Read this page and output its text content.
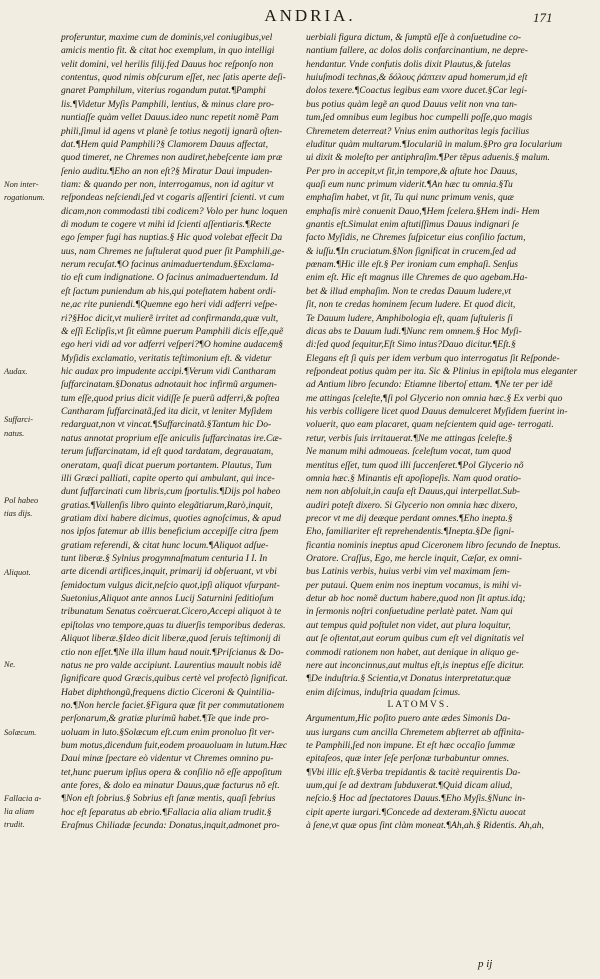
ANDRIA.	171
proferuntur, maxime cum de dominis,vel coniugibus,vel
amicis mentio fit. & citat hoc exemplum, in quo intelligi
velit domini, vel herilis filij.fed Dauus hoc reſponſo non
contentus, quod nimis obſcurum eſſet, nec ſatis aperte deſi-
gnaret Pamphilum, viterius rogandum putat.¶Pamphi
lis.¶Videtur Myſis Pamphili, lentius, & minus clare pro-
nuntiaſſe quàm vellet Dauus.ideo nunc repetit nomẽ Pam
phili,ſimul id agens vt planè ſe totius negotij ignarũ oſten-
dat.¶Hem quid Pamphili?§ Clamorem Dauus affectat,
quod timeret, ne Chremes non audiret,hebeſcente iam præ
ſenio auditu.¶Eho an non eſt?§ Miratur Daui impuden-
tiam: & quando per non, interrogamus, non id agitur vt
reſpondeas neſciendi,ſed vt cogaris aſſentiri ſcienti. vt cum
dicam,non commodasti tibi codicem? Volo per hunc loquen
di modum te cogere vt mihi id ſcienti aſſentiaris.¶Recte
ego ſemper fugi has nuptias.§ Hic quod volebat effecit Da
uus, nam Chremes ne ſuſtulerat quod puer ſit Pamphili,ge-
nerum recuſat.¶O facinus animaduertendum.§Exclama-
tio eſt cum indignatione. O facinus animaduertendum. Id
eſt ſactum puniendum ab his,qui poteſtatem habent ordi-
ne,ac rite puniendi.¶Quemne ego heri vidi adferri veſpe-
ri?§Hoc dicit,vt mulierẽ irritet ad confirmanda,quæ vult,
& eſſi Eclipſis,vt ſit eũmne puerum Pamphili dicis eſſe,quẽ
ego heri vidi ad vor adferri veſperi?¶O homine audacem§
Myſidis exclamatio, veritatis teſtimonium eſt. & videtur
hic audax pro impudente accipi.¶Verum vidi Cantharam
ſuffarcinatam.§Donatus adnotauit hoc infirmũ argumen-
tum eſſe,quod prius dicit vidiſſe ſe puerũ adferri,& poſtea
Cantharam ſuffarcinatã,ſed ita dicit, vt leniter Myſidem
redarguat,non vt vincat.¶Suffarcinatã.§Tantum hic Do-
natus annotat proprium eſſe aniculis ſuffarcinatas ire.Cæ-
terum ſuffarcinatam, id eſt quod tardatam, degrauatam,
oneratam, quaſi dicat puerum portantem. Plautus, Tum
illi Græci palliati, capite operto qui ambulant, qui ince-
dunt ſuffarcinati cum libris,cum ſportulis.¶Dijs pol habeo
gratias.¶Vallenſis libro quinto elegãtiarum,Rarò,inquit,
gratiam dixi habere dicimus, quoties agnoſcimus, & apud
nos ipſos fatemur ab illis beneficium accepiſſe citra ſpem
gratiam referendi, & citat hunc locum.¶Aliquot adſue-
tunt liberæ.§ Sylnius progymnaſmatum centuria I I. In
arte dicendi artifices,inquit, primarij id obſeruant, vt vbi
ſemidoctum vulgus dicit,neſcio quot,ipſi aliquot vſurpant-
Suetonius,Aliquot ante annos Lucij Saturnini ſeditioſum
tribunatum Senatus coërcuerat.Cicero,Accepi aliquot à te
epiſtolas vno tempore,quas tu diuerſis temporibus dederas.
Aliquot liberæ.§Ideo dicit liberæ,quod ſeruis teſtimonij di
ctio non eſſet.¶Ne illa illum haud nouit.¶Priſcianus & Do-
natus ne pro valde accipiunt. Laurentius mauult nobis idẽ
ſignificare quod Græcis,quibus certè vel profectò ſignificat.
Habet diphthongũ,frequens dictio Ciceroni & Quintilia-
no.¶Non hercle faciet.§Figura quæ fit per commutationem
perſonarum,& gratiæ plurimũ habet.¶Te que inde pro-
uoluam in luto.§Solæcum eſt.cum enim pronoluo fit ver-
bum motus,dicendum fuit,eodem proauoluam in lutum.Hæc
Daui minæ ſpectare eò videntur vt Chremes omnino pu-
tet,hunc puerum ipſius opera & conſilio nõ eſſe appoſitum
ante fores, & dolo ea minatur Dauus,quæ facturus nõ eſt.
¶Non eſt ſobrius.§ Sobrius eſt ſanæ mentis, quaſi febrius
hoc eſt ſeparatus ab ebrio.¶Fallacia alia aliam trudit.§
Eraſmus Chiliadæ ſecunda: Donatus,inquit,admonet pro-
uerbiali figura dictum, & ſumptũ eſſe à conſuetudine co-
nantium fallere, ac dolos dolis confarcinantium, ne depre-
hendantur. Vnde confutis dolis dixit Plautus,& ſutelas
huiuſmodi technas,& δόλους ῥάπτειν apud homerum,id eſt
dolos texere.¶Coactus legibus eam vxore ducet.§Car legi-
bus potius quàm legẽ an quod Dauus velit non vna tan-
tum,ſed omnibus eum legibus hoc cumpelli poſſe,quo magis
Chremetem deterreat? Vnius enim authoritas legis facilius
eluditur quàm multarum.¶Ioculariũ in malum.§Pro gra Iocularium
ui dixit & moleſto per antiphraſim.¶Per tẽpus aduenis.§ malum.
Per pro in accepit,vt ſit,in tempore,& aſtute hoc Dauus,
quaſi eum nunc primum viderit.¶An hæc tu omnia.§Tu
emphaſim habet, vt ſit, Tu qui nunc primum venis, quæ
emphaſis mirè conuenit Dauo,¶Hem ſcelera.§Hem indi- Hem
gnantis eſt.Simulat enim aſtutiſſimus Dauus indignari ſe
facto Myſidis, ne Chremes ſuſpicetur eius conſilio factum,
& iuſſu.¶In cruciatum.§Non ſignificat in crucem,ſed ad
pœnam.¶Hic ille eſt.§ Per ironiam cum emphaſi. Senſus
enim eſt. Hic eſt magnus ille Chremes de quo agebam.Ha-
bet & illud emphaſim. Non te credas Dauum ludere,vt
ſit, non te credas hominem ſecum ludere. Et quod dicit,
Te Dauum ludere, Amphibologia eſt, quam ſuſtuleris ſi
dicas abs te Dauum ludi.¶Nunc rem omnem.§ Hoc Myſi-
di:ſed quod ſequitur,Eſt Simo intus?Dauo dicitur.¶Eſt.§
Elegans eſt ſi quis per idem verbum quo interrogatus ſit Reſponde-
reſpondeat potius quàm per ita. Sic & Plinius in epiſtola mus eleganter
ad Antium libro ſecundo: Etiamne libertoſ ettam. ¶Ne ter per idẽ
me attingas ſceleſte,¶ſi pol Glycerio non omnia hæc.§ Ex verbi quo
his verbis colligere licet quod Dauus demulceret Myſidem fuerint in-
voluerit, quo eam placaret, quam neſcientem quid age- terrogati.
retur, verbis ſuis irritauerat.¶Ne me attingas ſceleſte.§
Ne manum mihi admoueas. ſceleſtum vocat, tum quod
mentitus eſſet, tum quod illi ſuccenſeret.¶Pol Glycerio nõ
omnia hæc.§ Minantis eſt apoſiopeſis. Nam quod oratio-
nem non abſoluit,in cauſa eſt Dauus,qui interpellat.Sub-
audiri poteſt dixero. Si Glycerio non omnia hæc dixero,
precor vt me dij deæque perdant omnes.¶Eho inepta.§
Eho, familiariter eſt reprehendentis.¶Inepta.§De ſigni-
ficantia nominis ineptus apud Ciceronem libro ſecundo de Ineptus.
Oratore. Craſſus, Ego, me hercle inquit, Cæſar, ex omni-
bus Latinis verbis, huius verbi vim vel maximam ſem-
per putaui. Quem enim nos ineptum vocamus, is mihi vi-
detur ab hoc nomẽ ductum habere,quod non ſit aptus.idq;
in ſermonis noſtri conſuetudine perlatè patet. Nam qui
aut tempus quid poſtulet non videt, aut plura loquitur,
aut ſe oſtentat,aut eorum quibus cum eſt vel dignitatis vel
commodi rationem non habet, aut denique in aliquo ge-
nere aut inconcinnus,aut multus eſt,is ineptus eſſe dicitur.
¶De induſtria.§ Scientia,vt Donatus interpretatur.quæ
enim diſcimus, induſtria quadam ſcimus.
LATOMVS.
Argumentum,Hic poſito puero ante ædes Simonis Da-
uus iurgans cum ancilla Chremetem abſterret ab affinita-
te Pamphili,ſed non impune. Et eſt hæc occaſio ſummæ
epitaſeos, quæ inter ſeſe perſonæ turbabuntur omnes.
¶Vbi illic eſt.§Verba trepidantis & tacitè requirentis Da-
uum,qui ſe ad dextram ſubduxerat.¶Quid dicam aliud,
neſcio.§ Hoc ad ſpectatores Dauus.¶Eho Myſis.§Nunc in-
cipit aperte iurgari.¶Concede ad dexteram.§Nictu auocat
à ſene,vt quæ opus ſint clàm moneat.¶Ah,ah.§ Ridentis. Ah,ah,
Non inter-
rogationum.
Audax.
Suffarci-
natus.
Pol habeo
tias dijs.
Aliquot.
Ne.
Solæcum.
Fallacia a-
lia aliam
trudit.
p ij
